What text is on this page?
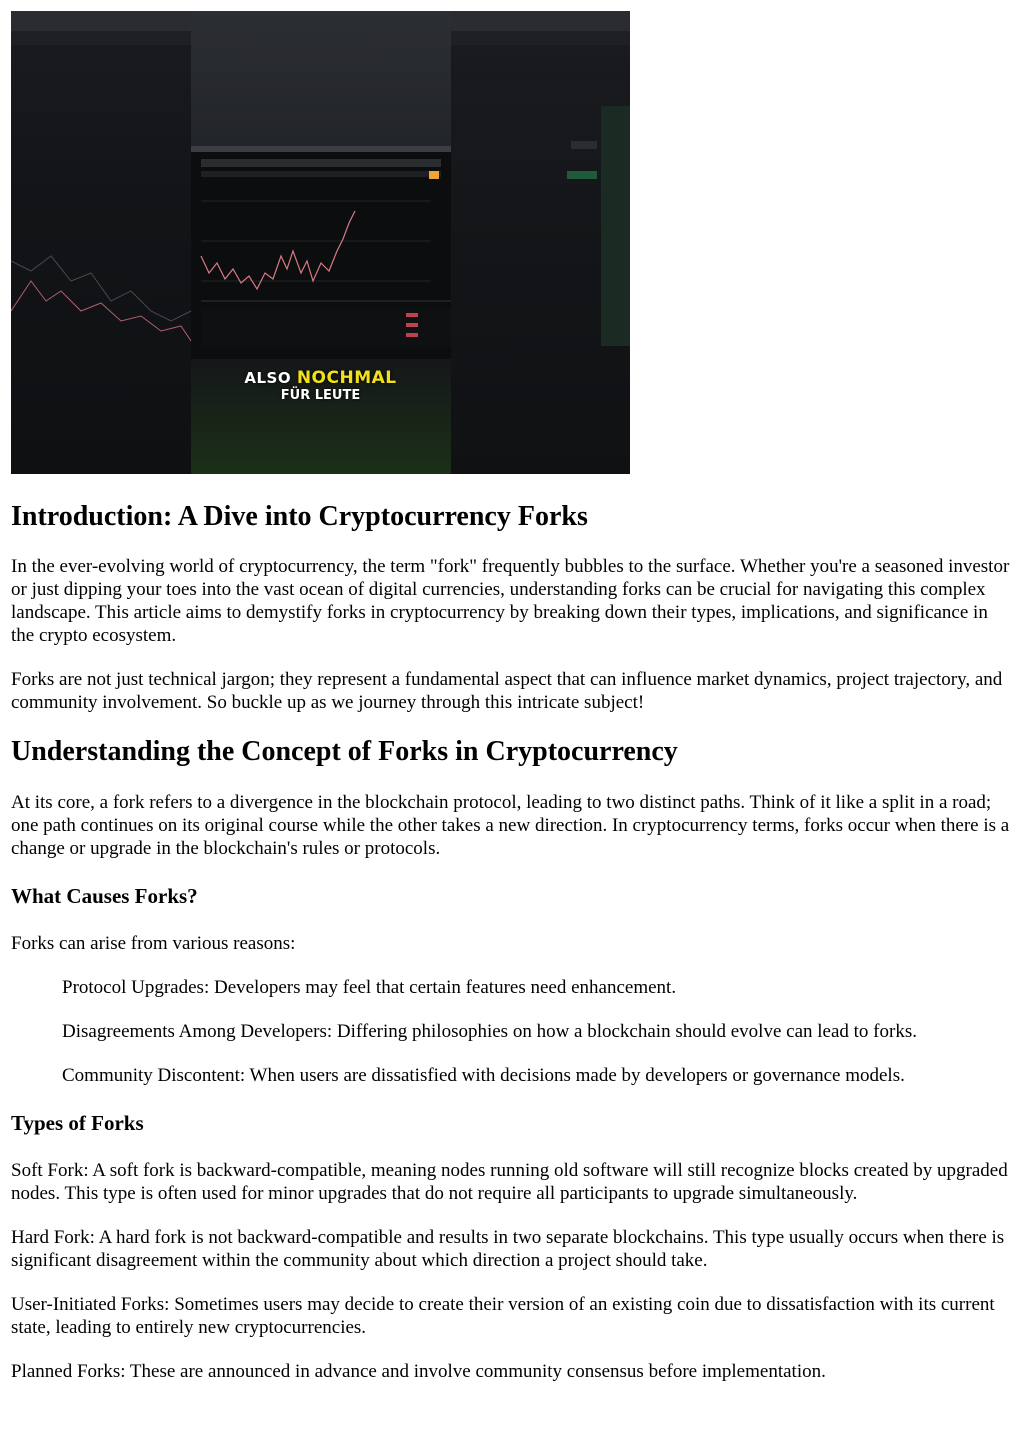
ALSO NOCHMAL
FÜR LEUTE
Introduction: A Dive into Cryptocurrency Forks

In the ever-evolving world of cryptocurrency, the term "fork" frequently bubbles to the surface. Whether you're a seasoned investor or just dipping your toes into the vast ocean of digital currencies, understanding forks can be crucial for navigating this complex landscape. This article aims to demystify forks in cryptocurrency by breaking down their types, implications, and significance in the crypto ecosystem.

Forks are not just technical jargon; they represent a fundamental aspect that can influence market dynamics, project trajectory, and community involvement. So buckle up as we journey through this intricate subject!

Understanding the Concept of Forks in Cryptocurrency

At its core, a fork refers to a divergence in the blockchain protocol, leading to two distinct paths. Think of it like a split in a road; one path continues on its original course while the other takes a new direction. In cryptocurrency terms, forks occur when there is a change or upgrade in the blockchain's rules or protocols.

What Causes Forks?

Forks can arise from various reasons:

Protocol Upgrades: Developers may feel that certain features need enhancement.

Disagreements Among Developers: Differing philosophies on how a blockchain should evolve can lead to forks.

Community Discontent: When users are dissatisfied with decisions made by developers or governance models.

Types of Forks

Soft Fork: A soft fork is backward-compatible, meaning nodes running old software will still recognize blocks created by upgraded nodes. This type is often used for minor upgrades that do not require all participants to upgrade simultaneously.

Hard Fork: A hard fork is not backward-compatible and results in two separate blockchains. This type usually occurs when there is significant disagreement within the community about which direction a project should take.

User-Initiated Forks: Sometimes users may decide to create their version of an existing coin due to dissatisfaction with its current state, leading to entirely new cryptocurrencies.

Planned Forks: These are announced in advance and involve community consensus before implementation.
